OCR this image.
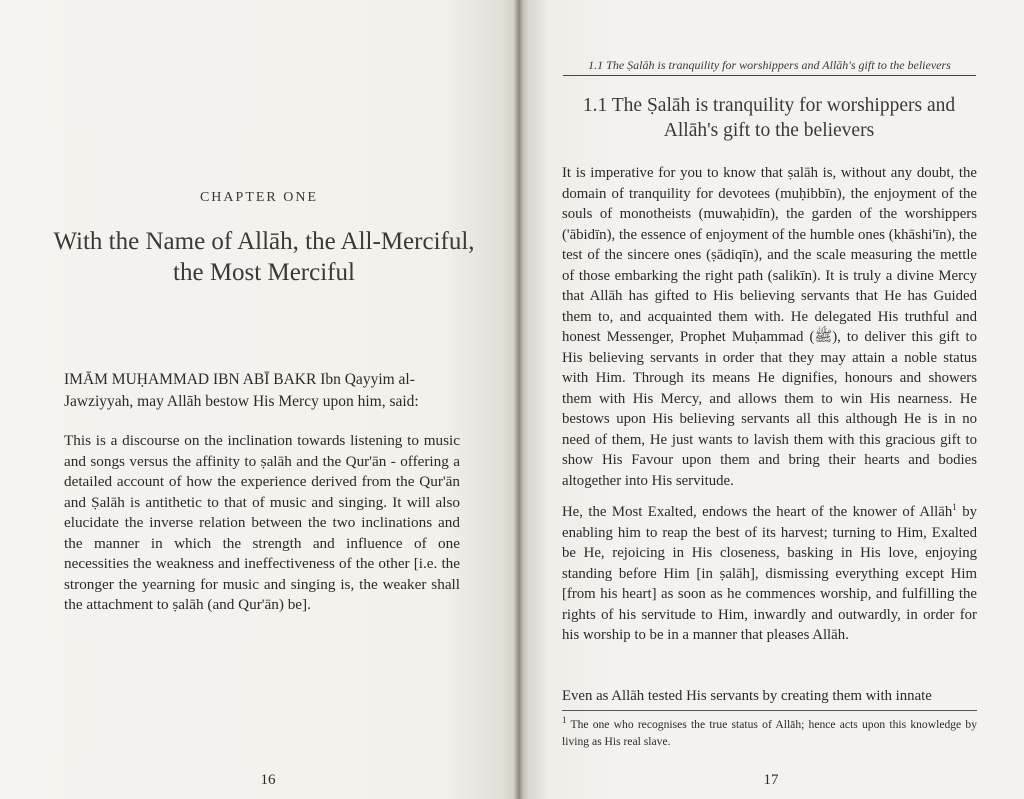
CHAPTER ONE
With the Name of Allāh, the All-Merciful,
the Most Merciful
IMĀM MUḤAMMAD IBN ABĪ BAKR Ibn Qayyim al-Jawziyyah, may Allāh bestow His Mercy upon him, said:
This is a discourse on the inclination towards listening to music and songs versus the affinity to ṣalāh and the Qur'ān - offering a detailed account of how the experience derived from the Qur'ān and Ṣalāh is antithetic to that of music and singing. It will also elucidate the inverse relation between the two inclinations and the manner in which the strength and influence of one necessities the weakness and ineffectiveness of the other [i.e. the stronger the yearning for music and singing is, the weaker shall the attachment to ṣalāh (and Qur'ān) be].
16
1.1 The Ṣalāh is tranquility for worshippers and Allāh's gift to the believers
1.1 The Ṣalāh is tranquility for worshippers and
Allāh's gift to the believers
It is imperative for you to know that ṣalāh is, without any doubt, the domain of tranquility for devotees (muḥibbīn), the enjoyment of the souls of monotheists (muwaḥidīn), the garden of the worshippers ('ābidīn), the essence of enjoyment of the humble ones (khāshi'īn), the test of the sincere ones (ṣādiqīn), and the scale measuring the mettle of those embarking the right path (salikīn). It is truly a divine Mercy that Allāh has gifted to His believing servants that He has Guided them to, and acquainted them with. He delegated His truthful and honest Messenger, Prophet Muḥammad (ﷺ), to deliver this gift to His believing servants in order that they may attain a noble status with Him. Through its means He dignifies, honours and showers them with His Mercy, and allows them to win His nearness. He bestows upon His believing servants all this although He is in no need of them, He just wants to lavish them with this gracious gift to show His Favour upon them and bring their hearts and bodies altogether into His servitude.
He, the Most Exalted, endows the heart of the knower of Allāh$^1$ by enabling him to reap the best of its harvest; turning to Him, Exalted be He, rejoicing in His closeness, basking in His love, enjoying standing before Him [in ṣalāh], dismissing everything except Him [from his heart] as soon as he commences worship, and fulfilling the rights of his servitude to Him, inwardly and outwardly, in order for his worship to be in a manner that pleases Allāh.
Even as Allāh tested His servants by creating them with innate
$^1$ The one who recognises the true status of Allāh; hence acts upon this knowledge by living as His real slave.
17
